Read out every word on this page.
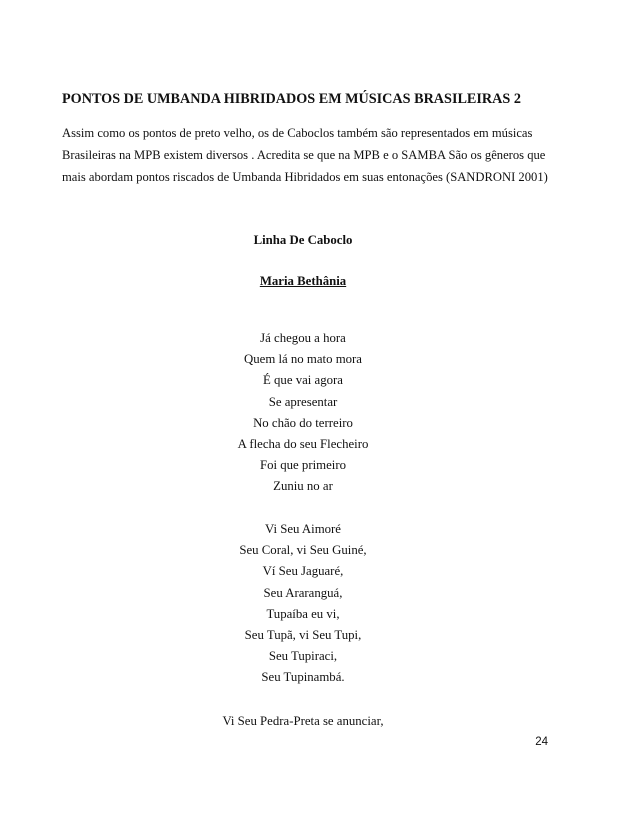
PONTOS DE UMBANDA HIBRIDADOS EM MÚSICAS BRASILEIRAS 2

Assim como os pontos de preto velho, os de Caboclos também são representados em músicas
Brasileiras na MPB existem diversos . Acredita se que na MPB e o SAMBA São os gêneros que
mais abordam pontos riscados de Umbanda Hibridados em suas entonações (SANDRONI 2001)

Linha De Caboclo

Maria Bethânia

Já chegou a hora
Quem lá no mato mora
É que vai agora
Se apresentar
No chão do terreiro
A flecha do seu Flecheiro
Foi que primeiro
Zuniu no ar
Vi Seu Aimoré
Seu Coral, vi Seu Guiné,
Ví Seu Jaguaré,
Seu Araranguá,
Tupaíba eu vi,
Seu Tupã, vi Seu Tupi,
Seu Tupiraci,
Seu Tupinambá.
Vi Seu Pedra-Preta se anunciar,
24
